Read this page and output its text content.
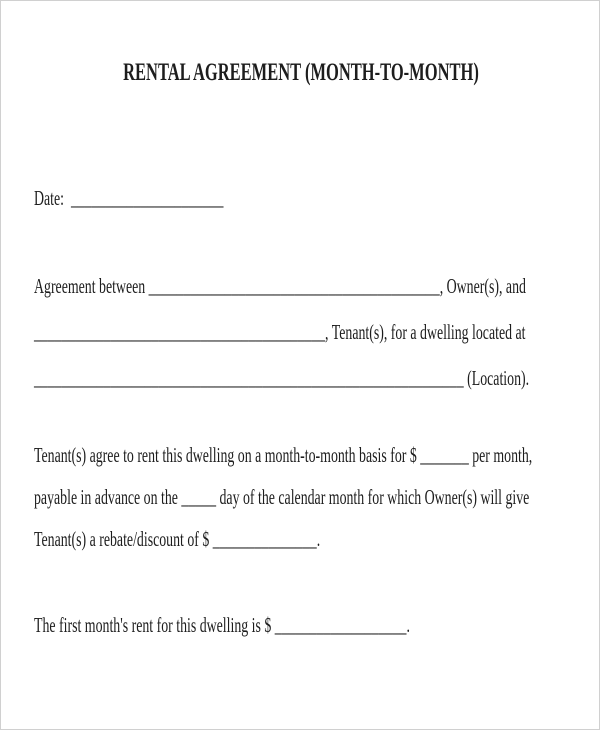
RENTAL AGREEMENT (MONTH-TO-MONTH)
Date:  ______________________
Agreement between __________________________________________, Owner(s), and
__________________________________________, Tenant(s), for a dwelling located at
______________________________________________________________ (Location).
Tenant(s) agree to rent this dwelling on a month-to-month basis for $ _______ per month,
payable in advance on the _____ day of the calendar month for which Owner(s) will give
Tenant(s) a rebate/discount of $ _______________.
The first month's rent for this dwelling is $ ___________________.
